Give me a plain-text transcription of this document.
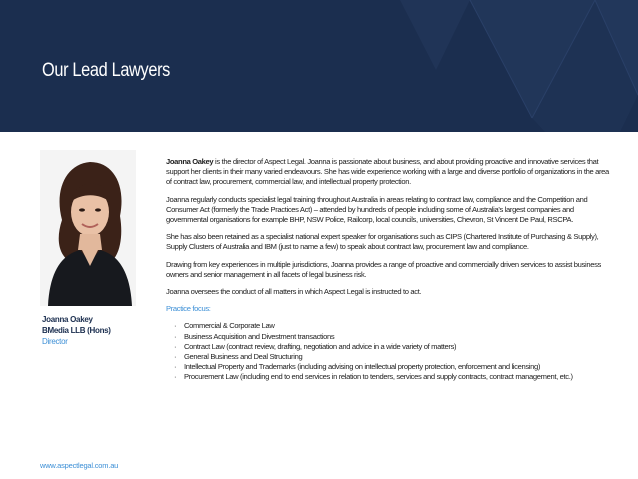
Our Lead Lawyers
Joanna Oakey
BMedia LLB (Hons)
Director

Joanna Oakey is the director of Aspect Legal. Joanna is passionate about business, and about providing proactive and innovative services that support her clients in their many varied endeavours. She has wide experience working with a large and diverse portfolio of organizations in the area of contract law, procurement, commercial law, and intellectual property protection.

Joanna regularly conducts specialist legal training throughout Australia in areas relating to contract law, compliance and the Competition and Consumer Act (formerly the Trade Practices Act) – attended by hundreds of people including some of Australia's largest companies and governmental organisations for example BHP, NSW Police, Railcorp, local councils, universities, Chevron, St Vincent De Paul, RSCPA.

She has also been retained as a specialist national expert speaker for organisations such as CIPS (Chartered Institute of Purchasing & Supply), Supply Clusters of Australia and IBM (just to name a few) to speak about contract law, procurement law and compliance.

Drawing from key experiences in multiple jurisdictions, Joanna provides a range of proactive and commercially driven services to assist business owners and senior management in all facets of legal business risk.

Joanna oversees the conduct of all matters in which Aspect Legal is instructed to act.

Practice focus:

· Commercial & Corporate Law
· Business Acquisition and Divestment transactions
· Contract Law (contract review, drafting, negotiation and advice in a wide variety of matters)
· General Business and Deal Structuring
· Intellectual Property and Trademarks (including advising on intellectual property protection, enforcement and licensing)
· Procurement Law (including end to end services in relation to tenders, services and supply contracts, contract management, etc.)
www.aspectlegal.com.au
